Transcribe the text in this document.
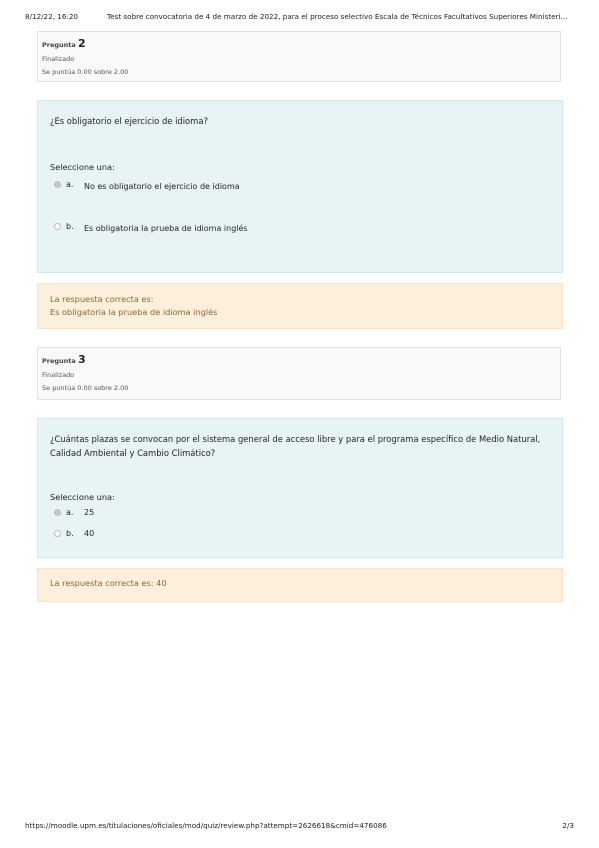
8/12/22, 16:20	Test sobre convocatoria de 4 de marzo de 2022, para el proceso selectivo Escala de Técnicos Facultativos Superiores Ministeri...
Pregunta 2
Finalizado
Se puntúa 0.00 sobre 2.00
¿Es obligatorio el ejercicio de idioma?
Seleccione una:
a.	No es obligatorio el ejercicio de idioma
b.	Es obligatoria la prueba de idioma inglés
La respuesta correcta es:
Es obligatoria la prueba de idioma inglés
Pregunta 3
Finalizado
Se puntúa 0.00 sobre 2.00
¿Cuántas plazas se convocan por el sistema general de acceso libre y para el programa específico de Medio Natural, Calidad Ambiental y Cambio Climático?
Seleccione una:
a.	25
b.	40
La respuesta correcta es: 40
https://moodle.upm.es/titulaciones/oficiales/mod/quiz/review.php?attempt=2626618&cmid=476086	2/3
